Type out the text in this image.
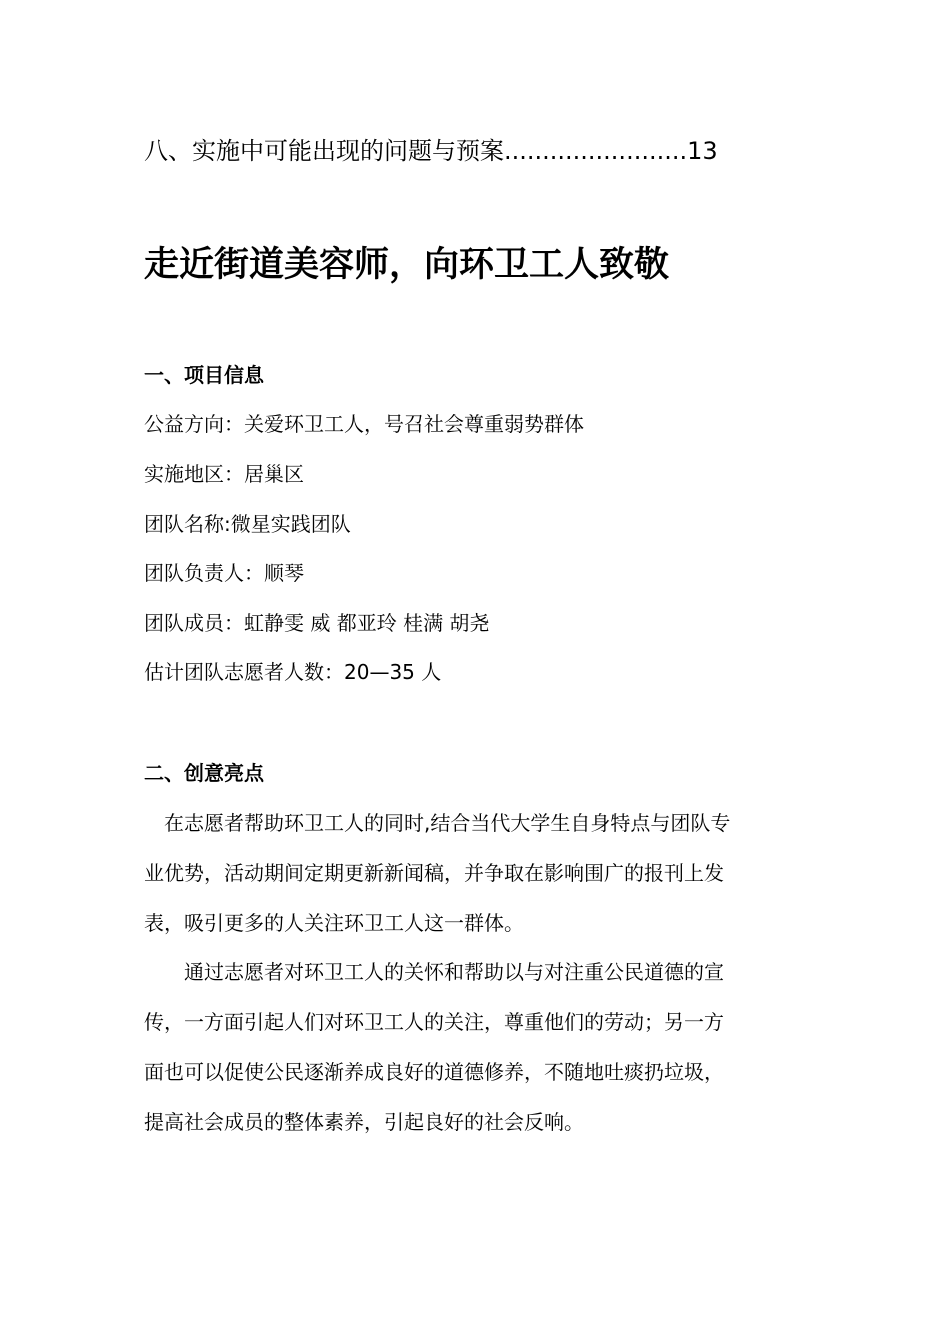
八、实施中可能出现的问题与预案 ........................ 13
走近街道美容师，向环卫工人致敬
一、项目信息
公益方向：关爱环卫工人，号召社会尊重弱势群体
实施地区：居巢区
团队名称:微星实践团队
团队负责人：顺琴
团队成员：虹静雯 威 都亚玲 桂满 胡尧
估计团队志愿者人数：20—35 人
二、创意亮点
　在志愿者帮助环卫工人的同时,结合当代大学生自身特点与团队专
业优势，活动期间定期更新新闻稿，并争取在影响围广的报刊上发
表，吸引更多的人关注环卫工人这一群体。
　　通过志愿者对环卫工人的关怀和帮助以与对注重公民道德的宣
传，一方面引起人们对环卫工人的关注，尊重他们的劳动；另一方
面也可以促使公民逐渐养成良好的道德修养，不随地吐痰扔垃圾，
提高社会成员的整体素养，引起良好的社会反响。
